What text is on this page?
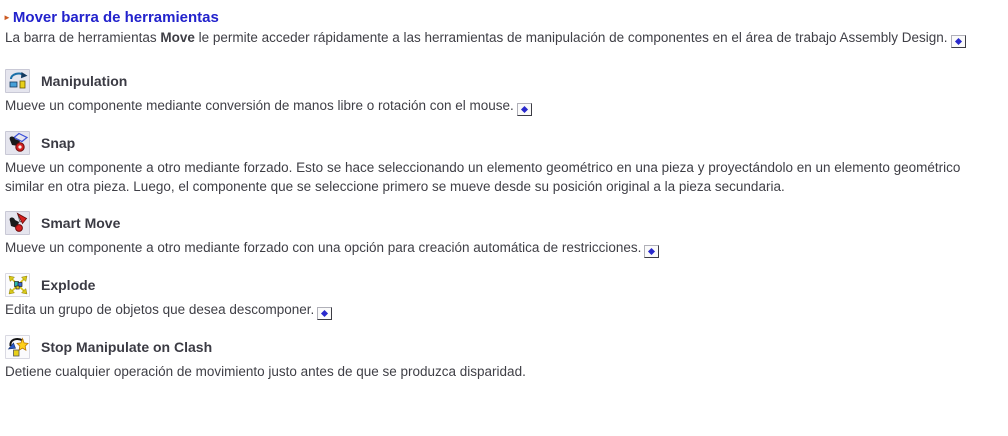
► Mover barra de herramientas

La barra de herramientas Move le permite acceder rápidamente a las herramientas de manipulación de componentes en el área de trabajo Assembly Design.

Manipulation

Mueve un componente mediante conversión de manos libre o rotación con el mouse.

Snap

Mueve un componente a otro mediante forzado. Esto se hace seleccionando un elemento geométrico en una pieza y proyectándolo en un elemento geométrico similar en otra pieza. Luego, el componente que se seleccione primero se mueve desde su posición original a la pieza secundaria.

Smart Move

Mueve un componente a otro mediante forzado con una opción para creación automática de restricciones.

Explode

Edita un grupo de objetos que desea descomponer.

Stop Manipulate on Clash

Detiene cualquier operación de movimiento justo antes de que se produzca disparidad.
